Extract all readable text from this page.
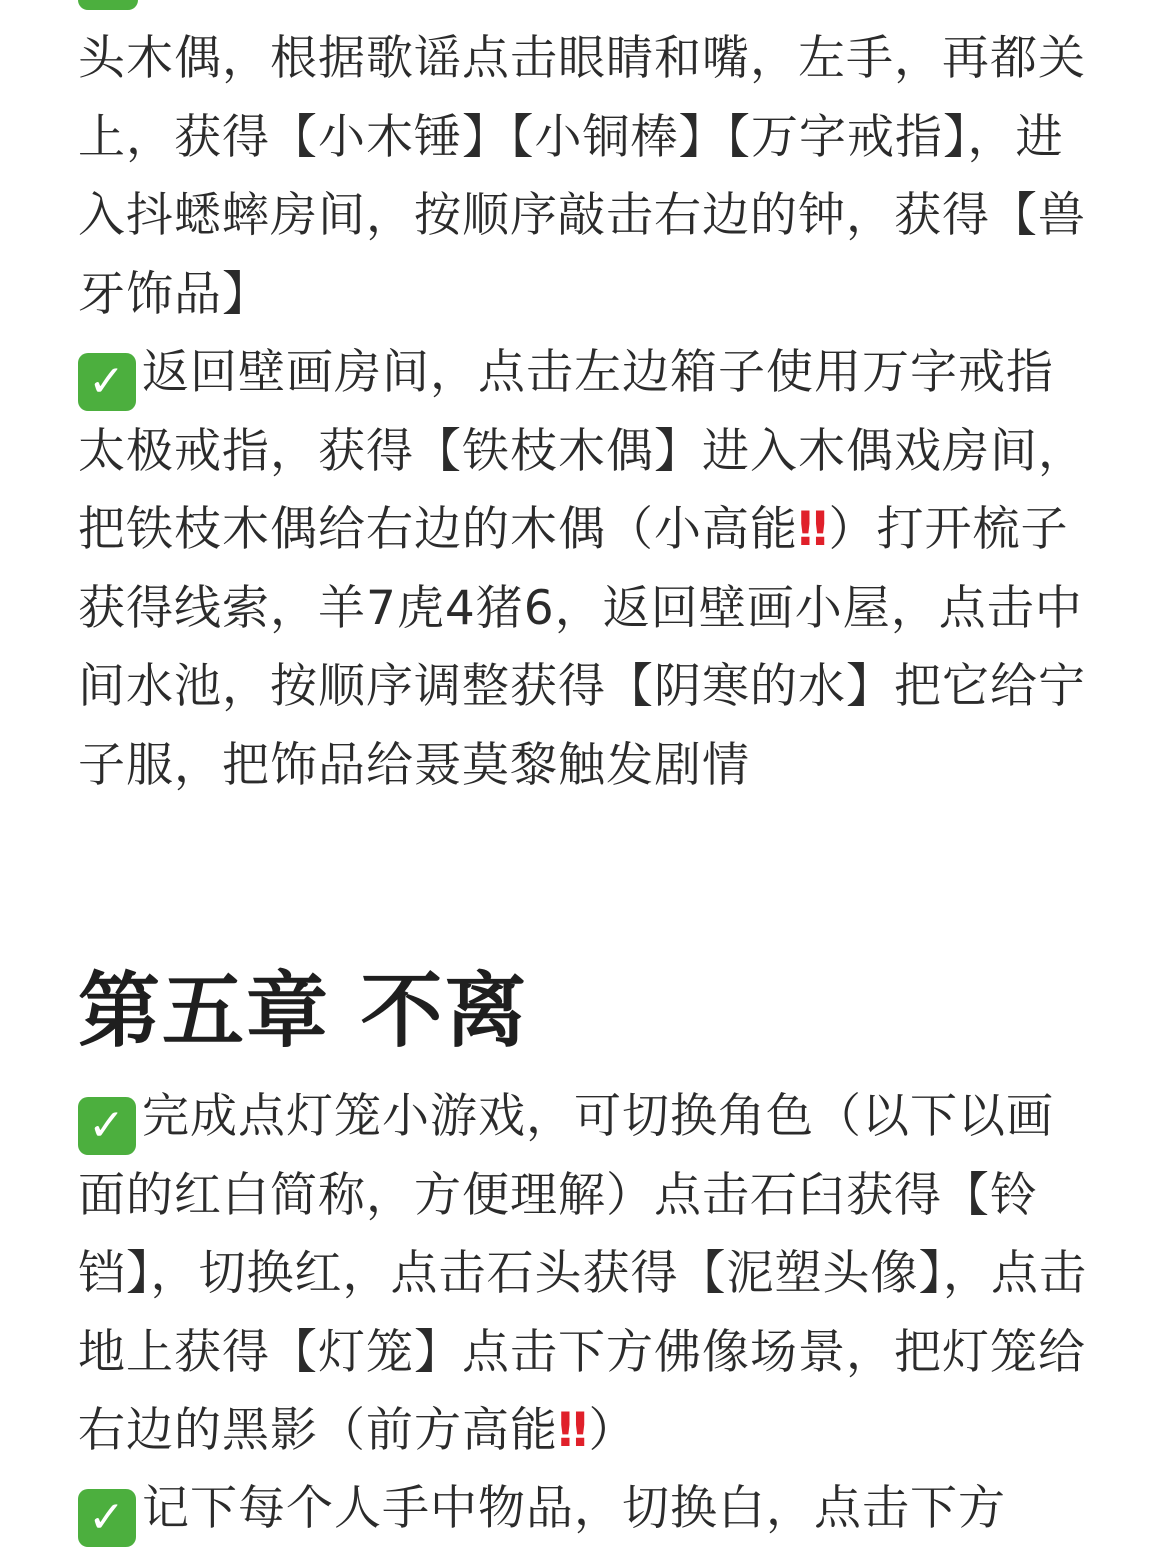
头木偶，根据歌谣点击眼睛和嘴，左手，再都关上，获得【小木锤】【小铜棒】【万字戒指】，进入抖蟋蟀房间，按顺序敲击右边的钟，获得【兽牙饰品】

✓ 返回壁画房间，点击左边箱子使用万字戒指太极戒指，获得【铁枝木偶】进入木偶戏房间，把铁枝木偶给右边的木偶（小高能‼）打开梳子获得线索，羊7虎4猪6，返回壁画小屋，点击中间水池，按顺序调整获得【阴寒的水】把它给宁子服，把饰品给聂莫黎触发剧情

第五章 不离

✓ 完成点灯笼小游戏，可切换角色（以下以画面的红白简称，方便理解）点击石臼获得【铃铛】，切换红，点击石头获得【泥塑头像】，点击地上获得【灯笼】点击下方佛像场景，把灯笼给右边的黑影（前方高能‼）

✓ 记下每个人手中物品，切换白，点击下方
